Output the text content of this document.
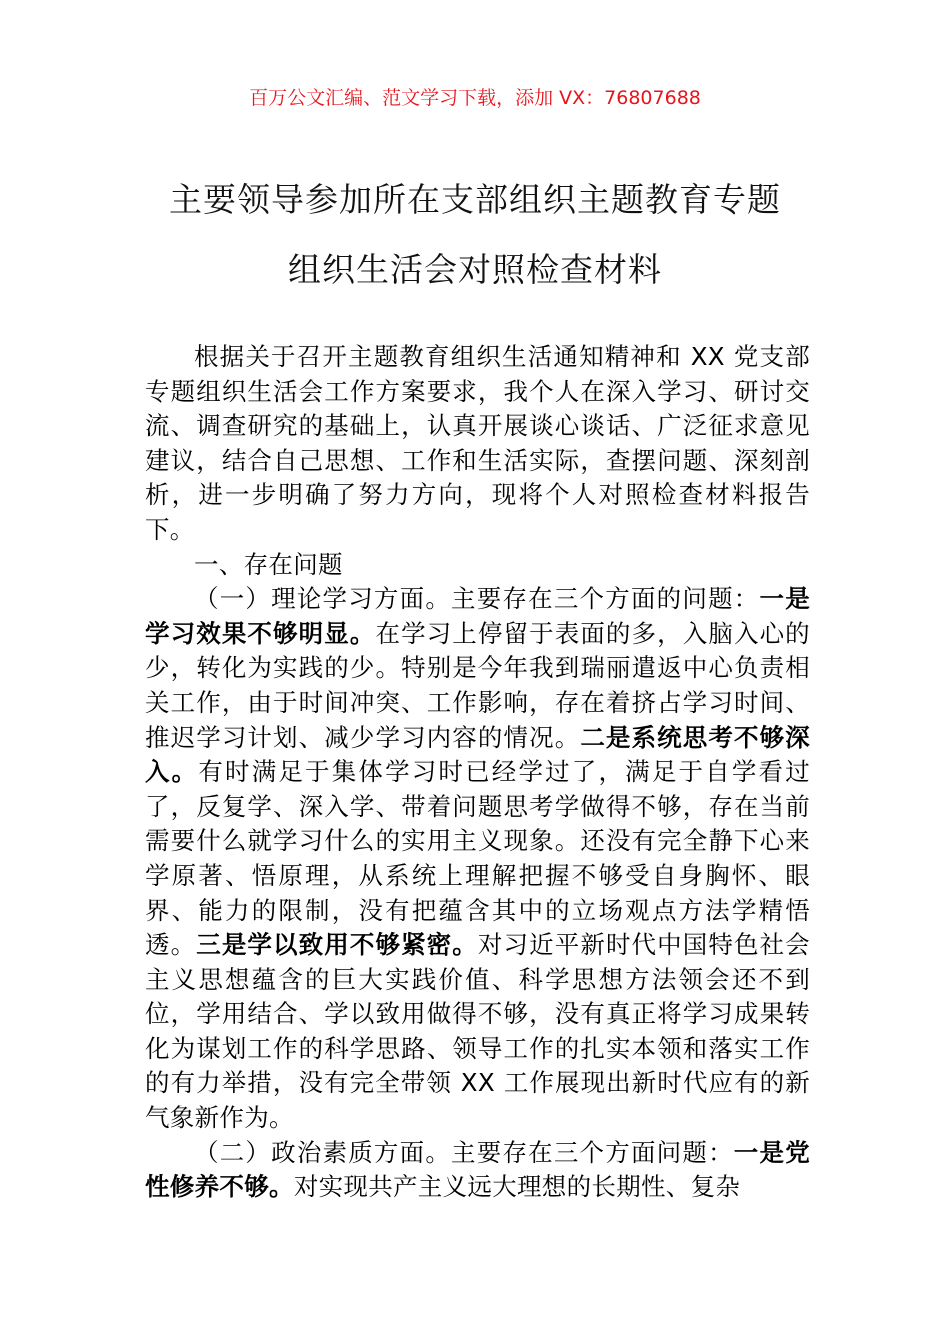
百万公文汇编、范文学习下载，添加 VX：76807688
主要领导参加所在支部组织主题教育专题
组织生活会对照检查材料

根据关于召开主题教育组织生活通知精神和 XX 党支部专题组织生活会工作方案要求，我个人在深入学习、研讨交流、调查研究的基础上，认真开展谈心谈话、广泛征求意见建议，结合自己思想、工作和生活实际，查摆问题、深刻剖析，进一步明确了努力方向，现将个人对照检查材料报告下。

一、存在问题

（一）理论学习方面。主要存在三个方面的问题：一是学习效果不够明显。在学习上停留于表面的多，入脑入心的少，转化为实践的少。特别是今年我到瑞丽遣返中心负责相关工作，由于时间冲突、工作影响，存在着挤占学习时间、推迟学习计划、减少学习内容的情况。二是系统思考不够深入。有时满足于集体学习时已经学过了，满足于自学看过了，反复学、深入学、带着问题思考学做得不够，存在当前需要什么就学习什么的实用主义现象。还没有完全静下心来学原著、悟原理，从系统上理解把握不够受自身胸怀、眼界、能力的限制，没有把蕴含其中的立场观点方法学精悟透。三是学以致用不够紧密。对习近平新时代中国特色社会主义思想蕴含的巨大实践价值、科学思想方法领会还不到位，学用结合、学以致用做得不够，没有真正将学习成果转化为谋划工作的科学思路、领导工作的扎实本领和落实工作的有力举措，没有完全带领 XX 工作展现出新时代应有的新气象新作为。

（二）政治素质方面。主要存在三个方面问题：一是党性修养不够。对实现共产主义远大理想的长期性、复杂
